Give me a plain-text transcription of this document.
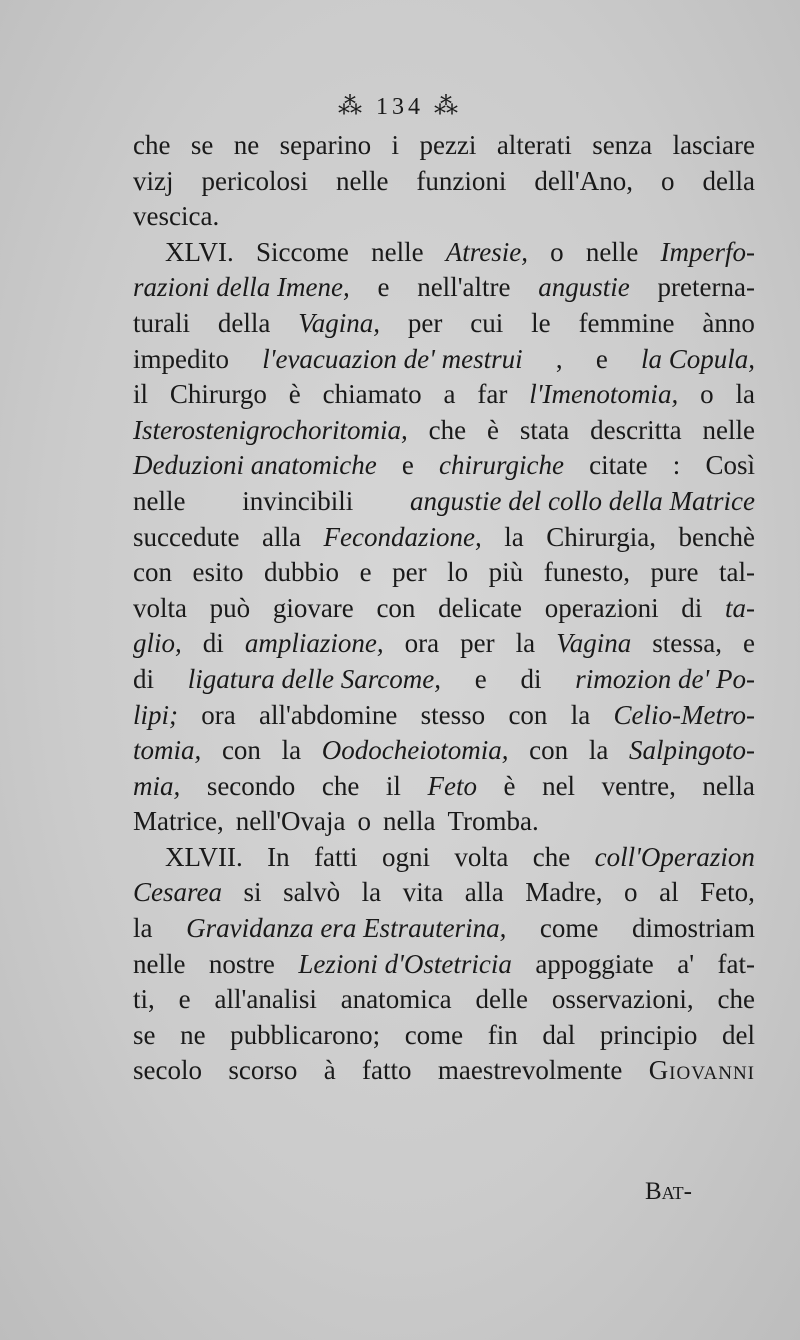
⁂ 134 ⁂
che se ne separino i pezzi alterati senza lasciare
vizj pericolosi nelle funzioni dell'Ano, o della
vescica.
XLVI. Siccome nelle Atresie, o nelle Imperfo-
razioni della Imene, e nell'altre angustie preterna-
turali della Vagina, per cui le femmine ànno
impedito l'evacuazion de' mestrui , e la Copula,
il Chirurgo è chiamato a far l'Imenotomia, o la
Isterostenigrochoritomia, che è stata descritta nelle
Deduzioni anatomiche e chirurgiche citate : Così
nelle invincibili angustie del collo della Matrice
succedute alla Fecondazione, la Chirurgia, benchè
con esito dubbio e per lo più funesto, pure tal-
volta può giovare con delicate operazioni di ta-
glio, di ampliazione, ora per la Vagina stessa, e
di ligatura delle Sarcome, e di rimozion de' Po-
lipi; ora all'abdomine stesso con la Celio-Metro-
tomia, con la Oodocheiotomia, con la Salpingoto-
mia, secondo che il Feto è nel ventre, nella
Matrice, nell'Ovaja o nella Tromba.
XLVII. In fatti ogni volta che coll'Operazion
Cesarea si salvò la vita alla Madre, o al Feto,
la Gravidanza era Estrauterina, come dimostriam
nelle nostre Lezioni d'Ostetricia appoggiate a' fat-
ti, e all'analisi anatomica delle osservazioni, che
se ne pubblicarono; come fin dal principio del
secolo scorso à fatto maestrevolmente Giovanni
Bat-
